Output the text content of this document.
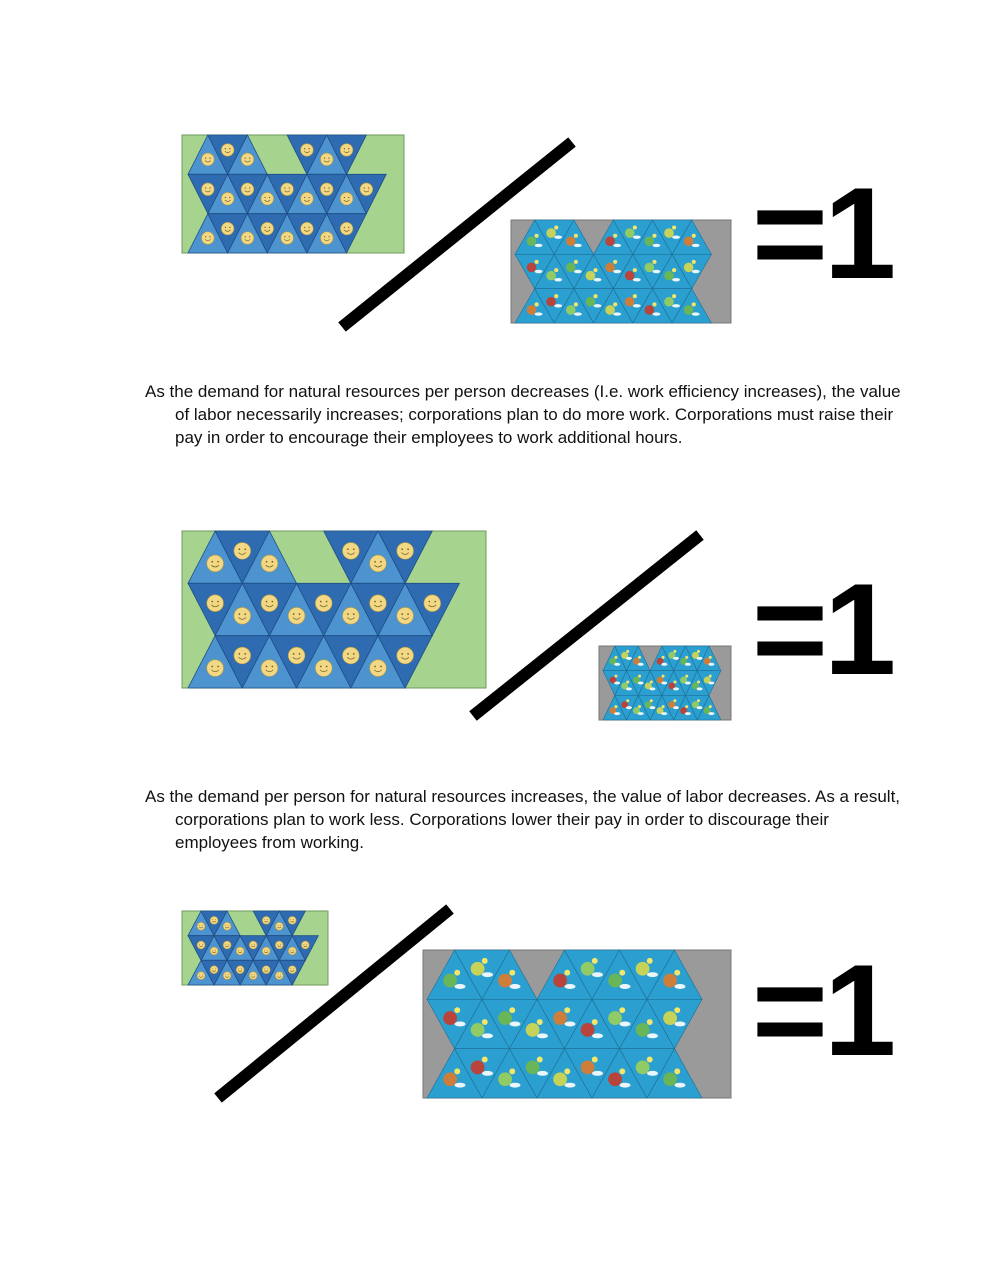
=1

As the demand for natural resources per person decreases (I.e. work efficiency increases), the value of labor necessarily increases; corporations plan to do more work. Corporations must raise their pay in order to encourage their employees to work additional hours.

=1

As the demand per person for natural resources increases, the value of labor decreases. As a result, corporations plan to work less. Corporations lower their pay in order to discourage their employees from working.

=1
